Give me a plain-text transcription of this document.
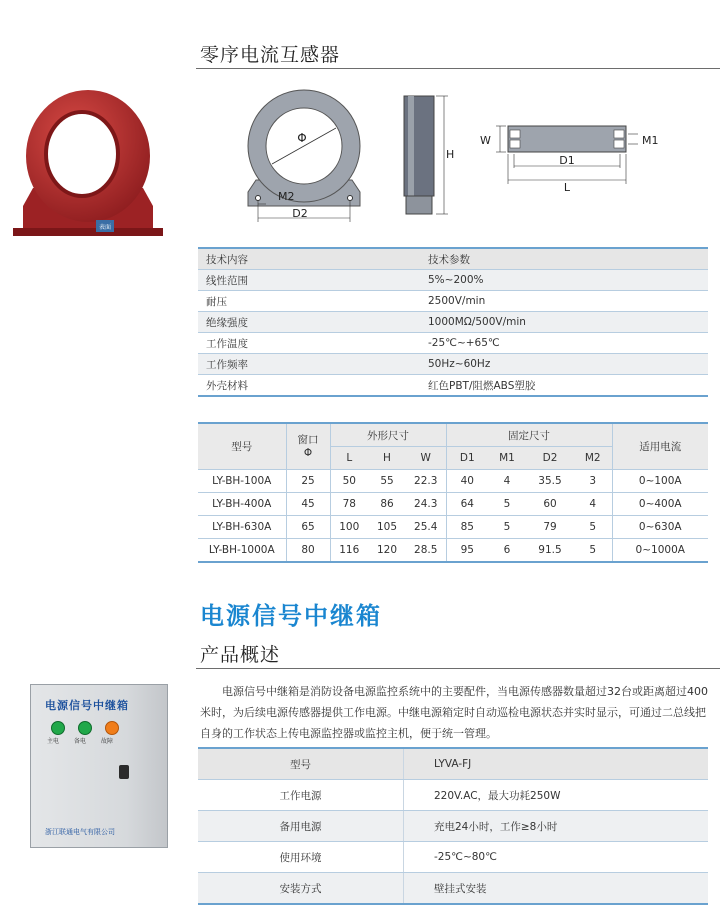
零序电流互感器
表面
Φ
M2
D2
H
W	M1
D1
L
技术内容	技术参数
线性范围	5%~200%
耐压	2500V/min
绝缘强度	1000MΩ/500V/min
工作温度	-25℃~+65℃
工作频率	50Hz~60Hz
外壳材料	红色PBT/阻燃ABS塑胶
型号	窗口Φ	外形尺寸			固定尺寸				适用电流
		L	H	W	D1	M1	D2	M2	
LY-BH-100A	25	50	55	22.3	40	4	35.5	3	0~100A
LY-BH-400A	45	78	86	24.3	64	5	60	4	0~400A
LY-BH-630A	65	100	105	25.4	85	5	79	5	0~630A
LY-BH-1000A	80	116	120	28.5	95	6	91.5	5	0~1000A
电源信号中继箱
产品概述
电源信号中继箱
主电 备电 故障
浙江联通电气有限公司
电源信号中继箱是消防设备电源监控系统中的主要配件，当电源传感器数量超过32台或距离超过400米时，为后续电源传感器提供工作电源。中继电源箱定时自动巡检电源状态并实时显示，可通过二总线把自身的工作状态上传电源监控器或监控主机，便于统一管理。
型号	LYVA-FJ
工作电源	220V.AC，最大功耗250W
备用电源	充电24小时，工作≥8小时
使用环境	-25℃~80℃
安装方式	壁挂式安装
